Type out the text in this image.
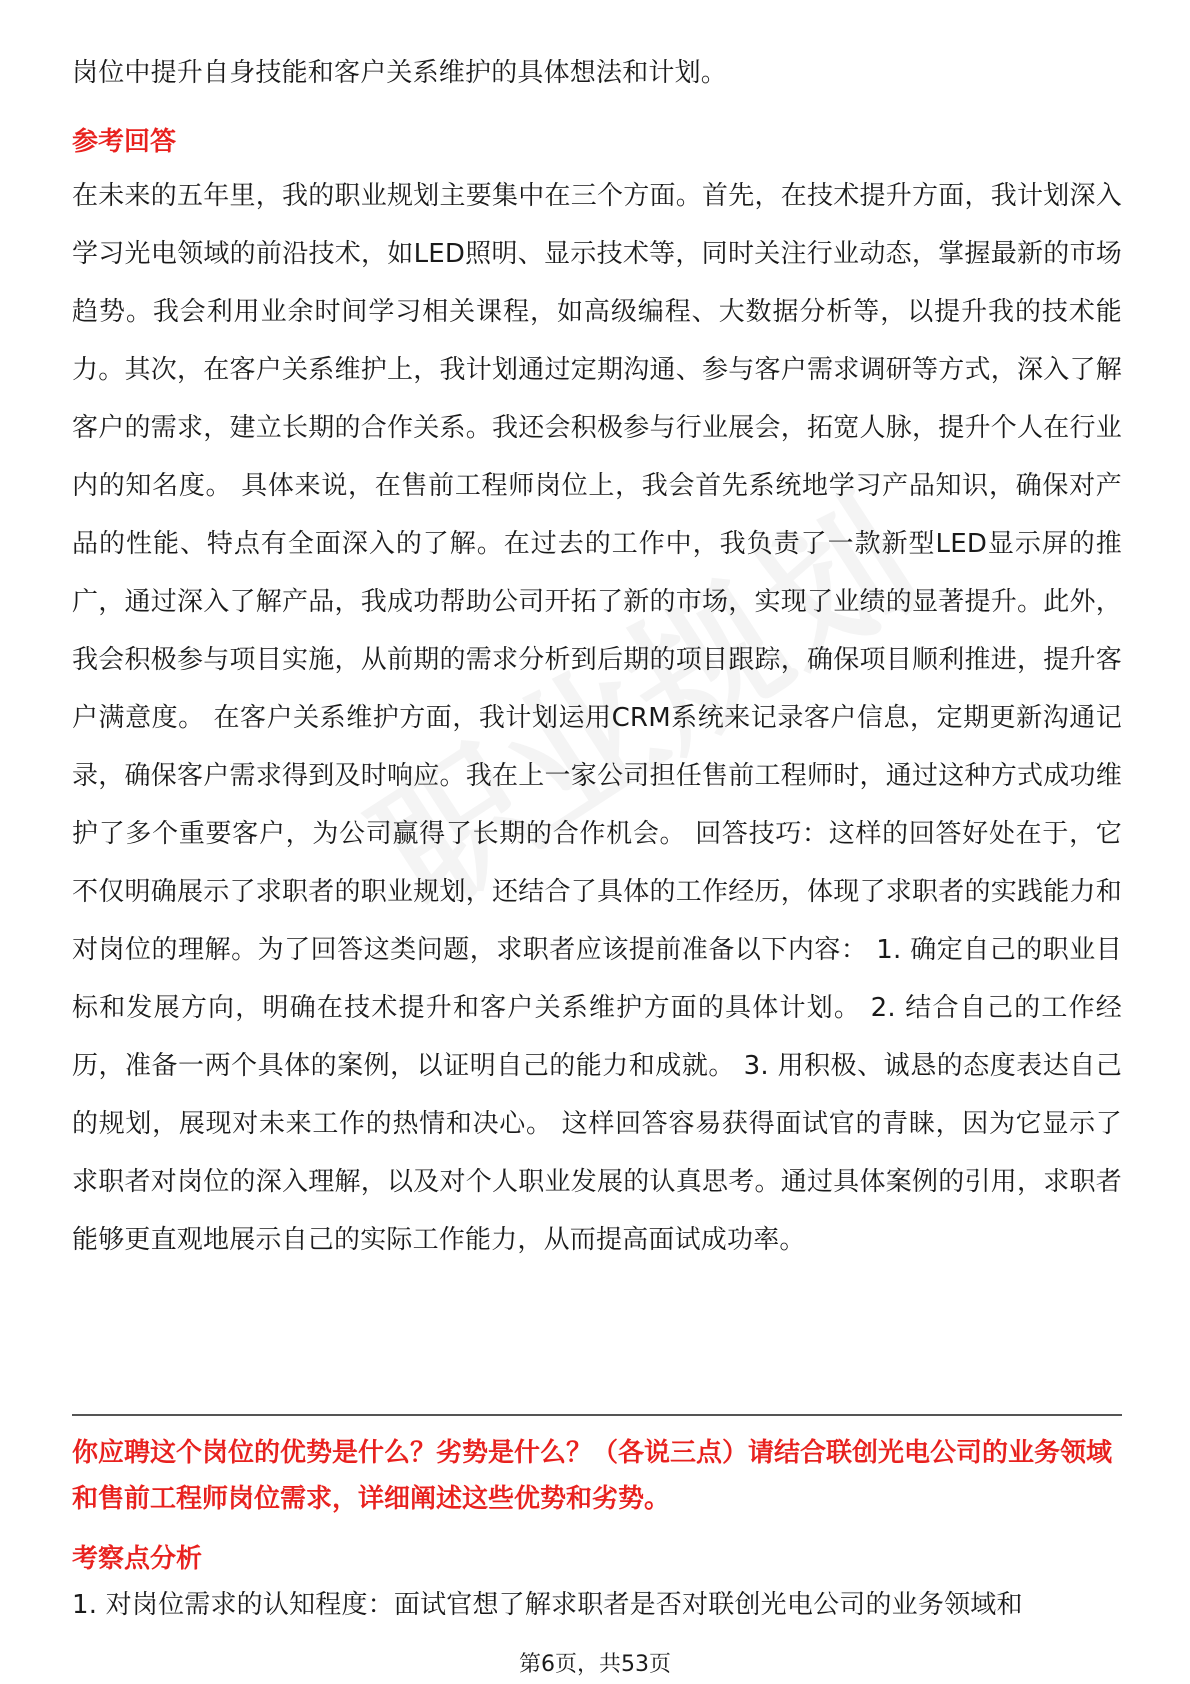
岗位中提升自身技能和客户关系维护的具体想法和计划。

参考回答

在未来的五年里，我的职业规划主要集中在三个方面。首先，在技术提升方面，我计划深入学习光电领域的前沿技术，如LED照明、显示技术等，同时关注行业动态，掌握最新的市场趋势。我会利用业余时间学习相关课程，如高级编程、大数据分析等，以提升我的技术能力。其次，在客户关系维护上，我计划通过定期沟通、参与客户需求调研等方式，深入了解客户的需求，建立长期的合作关系。我还会积极参与行业展会，拓宽人脉，提升个人在行业内的知名度。 具体来说，在售前工程师岗位上，我会首先系统地学习产品知识，确保对产品的性能、特点有全面深入的了解。在过去的工作中，我负责了一款新型LED显示屏的推广，通过深入了解产品，我成功帮助公司开拓了新的市场，实现了业绩的显著提升。此外，我会积极参与项目实施，从前期的需求分析到后期的项目跟踪，确保项目顺利推进，提升客户满意度。 在客户关系维护方面，我计划运用CRM系统来记录客户信息，定期更新沟通记录，确保客户需求得到及时响应。我在上一家公司担任售前工程师时，通过这种方式成功维护了多个重要客户，为公司赢得了长期的合作机会。 回答技巧：这样的回答好处在于，它不仅明确展示了求职者的职业规划，还结合了具体的工作经历，体现了求职者的实践能力和对岗位的理解。为了回答这类问题，求职者应该提前准备以下内容： 1. 确定自己的职业目标和发展方向，明确在技术提升和客户关系维护方面的具体计划。 2. 结合自己的工作经历，准备一两个具体的案例，以证明自己的能力和成就。 3. 用积极、诚恳的态度表达自己的规划，展现对未来工作的热情和决心。 这样回答容易获得面试官的青睐，因为它显示了求职者对岗位的深入理解，以及对个人职业发展的认真思考。通过具体案例的引用，求职者能够更直观地展示自己的实际工作能力，从而提高面试成功率。

你应聘这个岗位的优势是什么？劣势是什么？（各说三点）请结合联创光电公司的业务领域和售前工程师岗位需求，详细阐述这些优势和劣势。
考察点分析

1. 对岗位需求的认知程度：面试官想了解求职者是否对联创光电公司的业务领域和

第6页，共53页
